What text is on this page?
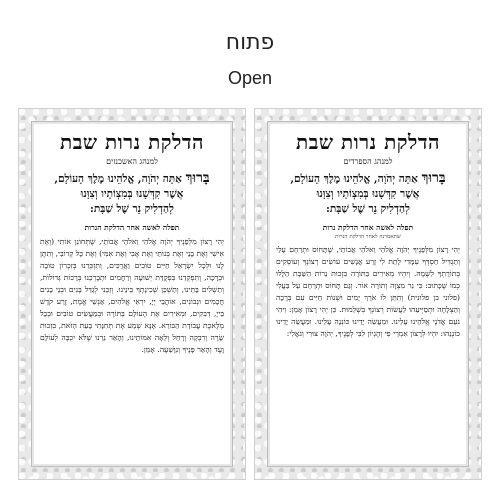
פתוח
Open
הדלקת נרות שבת
למנהג האשכנזים
בָּרוּךְ אַתָּה יְהֹוָה, אֱלֹהֵינוּ מֶלֶךְ הָעוֹלָם,
אֲשֶׁר קִדְּשָׁנוּ בְּמִצְוֹתָיו וְצִוָּנוּ
לְהַדְלִיק נֵר שֶׁל שַׁבָּת:
תפלה לאשה אחר הדלקת הנרות
יְהִי רָצוֹן מִלְּפָנֶיךָ יְהֹוָה אֱלֹהַי וֵאלֹהֵי אֲבוֹתַי, שֶׁתְּחוֹנֵן אוֹתִי (וְאֶת אִישִׁי וְאֶת בָּנַי וְאֶת בְּנוֹתַי וְאֶת אָבִי וְאֶת אִמִּי) וְאֶת כָּל קְרוֹבַי, וְתִתֶּן לָנוּ וּלְכָל יִשְׂרָאֵל חַיִּים טוֹבִים וַאֲרֻכִּים, וְתִזְכְּרֵנוּ בְּזִכְרוֹן טוֹבָה וּבְרָכָה, וְתִפְקְדֵנוּ בִּפְקֻדַּת יְשׁוּעָה וְרַחֲמִים וּתְבָרְכֵנוּ בְּרָכוֹת גְּדוֹלוֹת, וְתַשְׁלִים בָּתֵּינוּ, וְתַשְׁכֵּן שְׁכִינָתְךָ בֵּינֵינוּ. וְזַכֵּנִי לְגַדֵּל בָּנִים וּבְנֵי בָנִים חֲכָמִים וּנְבוֹנִים, אוֹהֲבֵי יְיָ, יִרְאֵי אֱלֹהִים, אַנְשֵׁי אֱמֶת, זֶרַע קֹדֶשׁ בַּייָ, דְּבֵקִים, וּמְאִירִים אֶת הָעוֹלָם בַּתּוֹרָה וּבְמַעֲשִׂים טוֹבִים וּבְכָל מְלֶאכֶת עֲבוֹדַת הַבּוֹרֵא. אָנָּא שְׁמַע אֶת תְּחִנָּתִי בָּעֵת הַזֹּאת, בִּזְכוּת שָׂרָה וְרִבְקָה וְרָחֵל וְלֵאָה אִמּוֹתֵינוּ, וְהָאֵר נֵרֵנוּ שֶׁלֹּא יִכְבֶּה לְעוֹלָם וָעֶד וְהָאֵר פָּנֶיךָ וְנִוָּשֵׁעָה. אָמֵן.
הדלקת נרות שבת
למנהג הספרדים
בָּרוּךְ אַתָּה יְהֹוָה, אֱלֹהֵינוּ מֶלֶךְ הָעוֹלָם,
אֲשֶׁר קִדְּשָׁנוּ בְּמִצְוֹתָיו וְצִוָּנוּ
לְהַדְלִיק נֵר שֶׁל שַׁבָּת:
תפלה לאשה אחר הדלקת נרות
שתאמרנה לאחר הדלקת הנרות
יְהִי רָצוֹן מִלְּפָנֶיךָ יְהֹוָה אֱלֹהַי וֵאלֹהֵי אֲבוֹתַי, שֶׁתָּחוֹס וּתְרַחֵם עָלַי וְתַגְדִּיל חַסְדְּךָ עִמָּדִי לָתֵת לִי זֶרַע אֲנָשִׁים עוֹשִׂים רְצוֹנְךָ וְעוֹסְקִים בְּתוֹרָתְךָ לִשְׁמָהּ. וְיִהְיוּ מְאִירִים בַּתּוֹרָה בִּזְכוּת נֵרוֹת הַשַּׁבָּת הַלָּלוּ כְּמוֹ שֶׁכָּתוּב: כִּי נֵר מִצְוָה וְתוֹרָה אוֹר. וְגַם תָּחוֹס וּתְרַחֵם עַל בַּעֲלִי (פלוני בן פלונית) וְתִתֵּן לוֹ אֹרֶךְ יָמִים וּשְׁנוֹת חַיִּים עִם בְּרָכָה וְהַצְלָחָה וּתְסַיְּיעֵהוּ לַעֲשׂוֹת רְצוֹנְךָ בִּשְׁלֵמוּת. כֵּן יְהִי רָצוֹן אָמֵן: וִיהִי נֹעַם אֲדֹנָי אֱלֹהֵינוּ עָלֵינוּ. וּמַעֲשֵׂה יָדֵינוּ כּוֹנְנָה עָלֵינוּ. וּמַעֲשֵׂה יָדֵינוּ כּוֹנְנֵהוּ: יִהְיוּ לְרָצוֹן אִמְרֵי פִי וְהֶגְיוֹן לִבִּי לְפָנֶיךָ, יְהֹוָה צוּרִי וְגֹאֲלִי:
